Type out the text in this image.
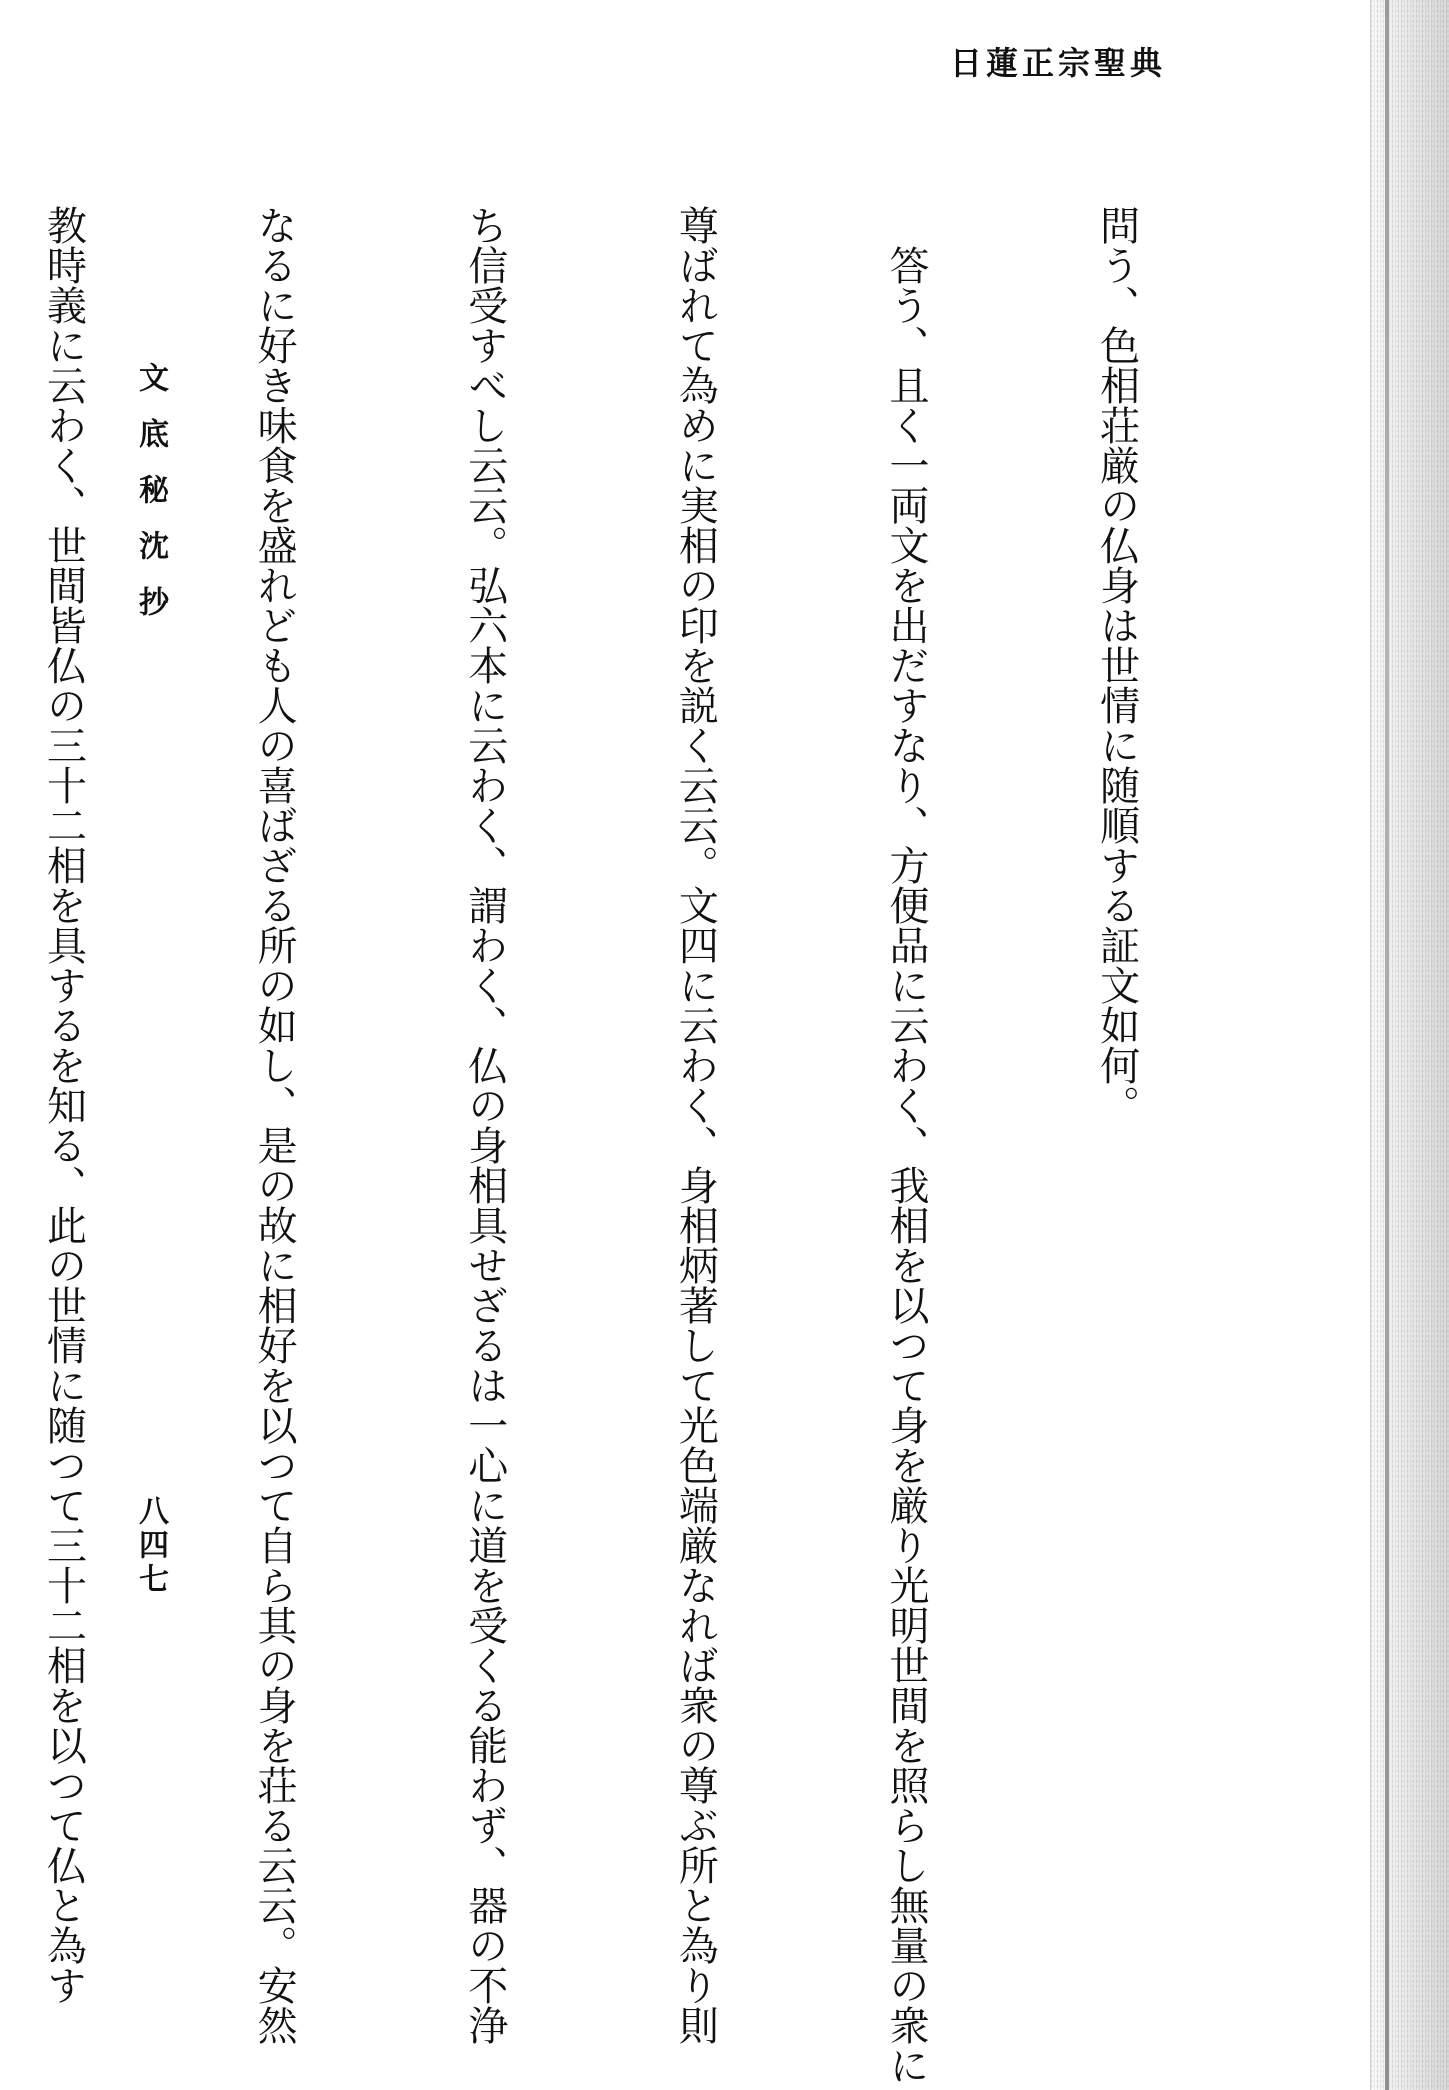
日蓮正宗聖典

問う、色相荘厳の仏身は世情に随順する証文如何。

　答う、且く一両文を出だすなり、方便品に云わく、我相を以つて身を厳り光明世間を照らし無量の衆に

尊ばれて為めに実相の印を説く云云。文四に云わく、身相炳著して光色端厳なれば衆の尊ぶ所と為り則

ち信受すべし云云。弘六本に云わく、謂わく、仏の身相具せざるは一心に道を受くる能わず、器の不浄

なるに好き味食を盛れども人の喜ばざる所の如し、是の故に相好を以つて自ら其の身を荘る云云。安然

教時義に云わく、世間皆仏の三十二相を具するを知る、此の世情に随つて三十二相を以つて仏と為す

	文底秘沈抄
八四七
